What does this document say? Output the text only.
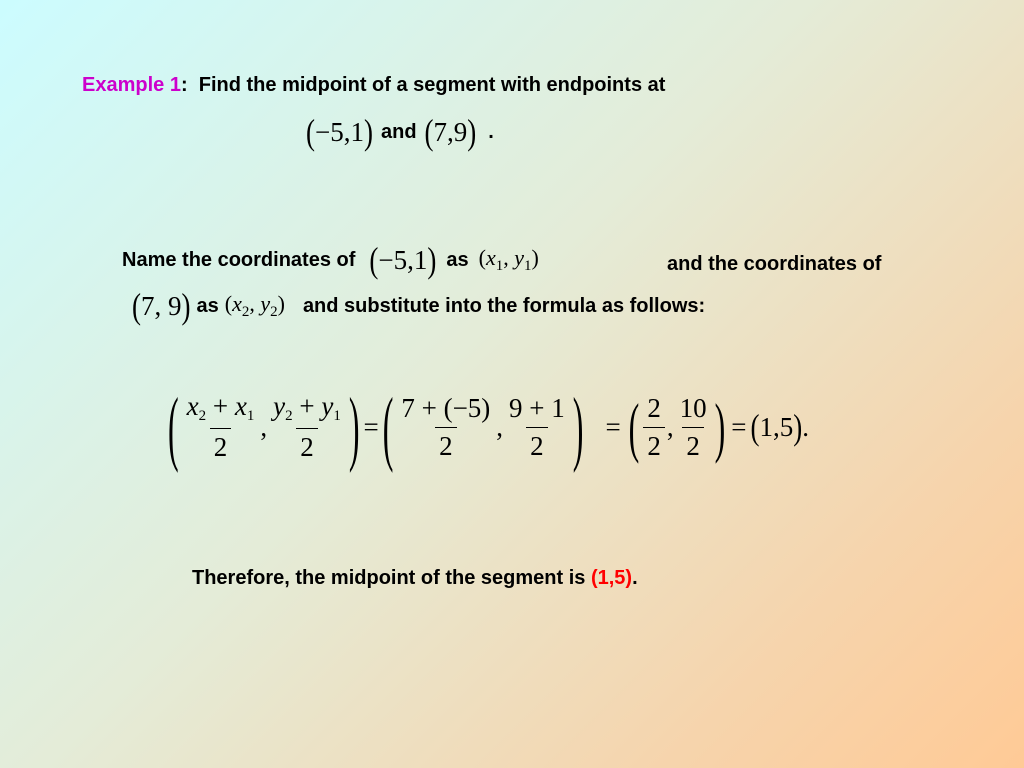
Example 1: Find the midpoint of a segment with endpoints at
(−5,1) and (7,9) .
Name the coordinates of (−5,1) as ($x_1$, $y_1$)	and the coordinates of
(7, 9) as ($x_2$, $y_2$) and substitute into the formula as follows:
( $\frac{x_2 + x_1}{2}$ , $\frac{y_2 + y_1}{2}$ ) = ( $\frac{7 + (-5)}{2}$ , $\frac{9 + 1}{2}$ ) = ( $\frac{2}{2}$ , $\frac{10}{2}$ ) = (1,5) .
Therefore, the midpoint of the segment is (1,5).
